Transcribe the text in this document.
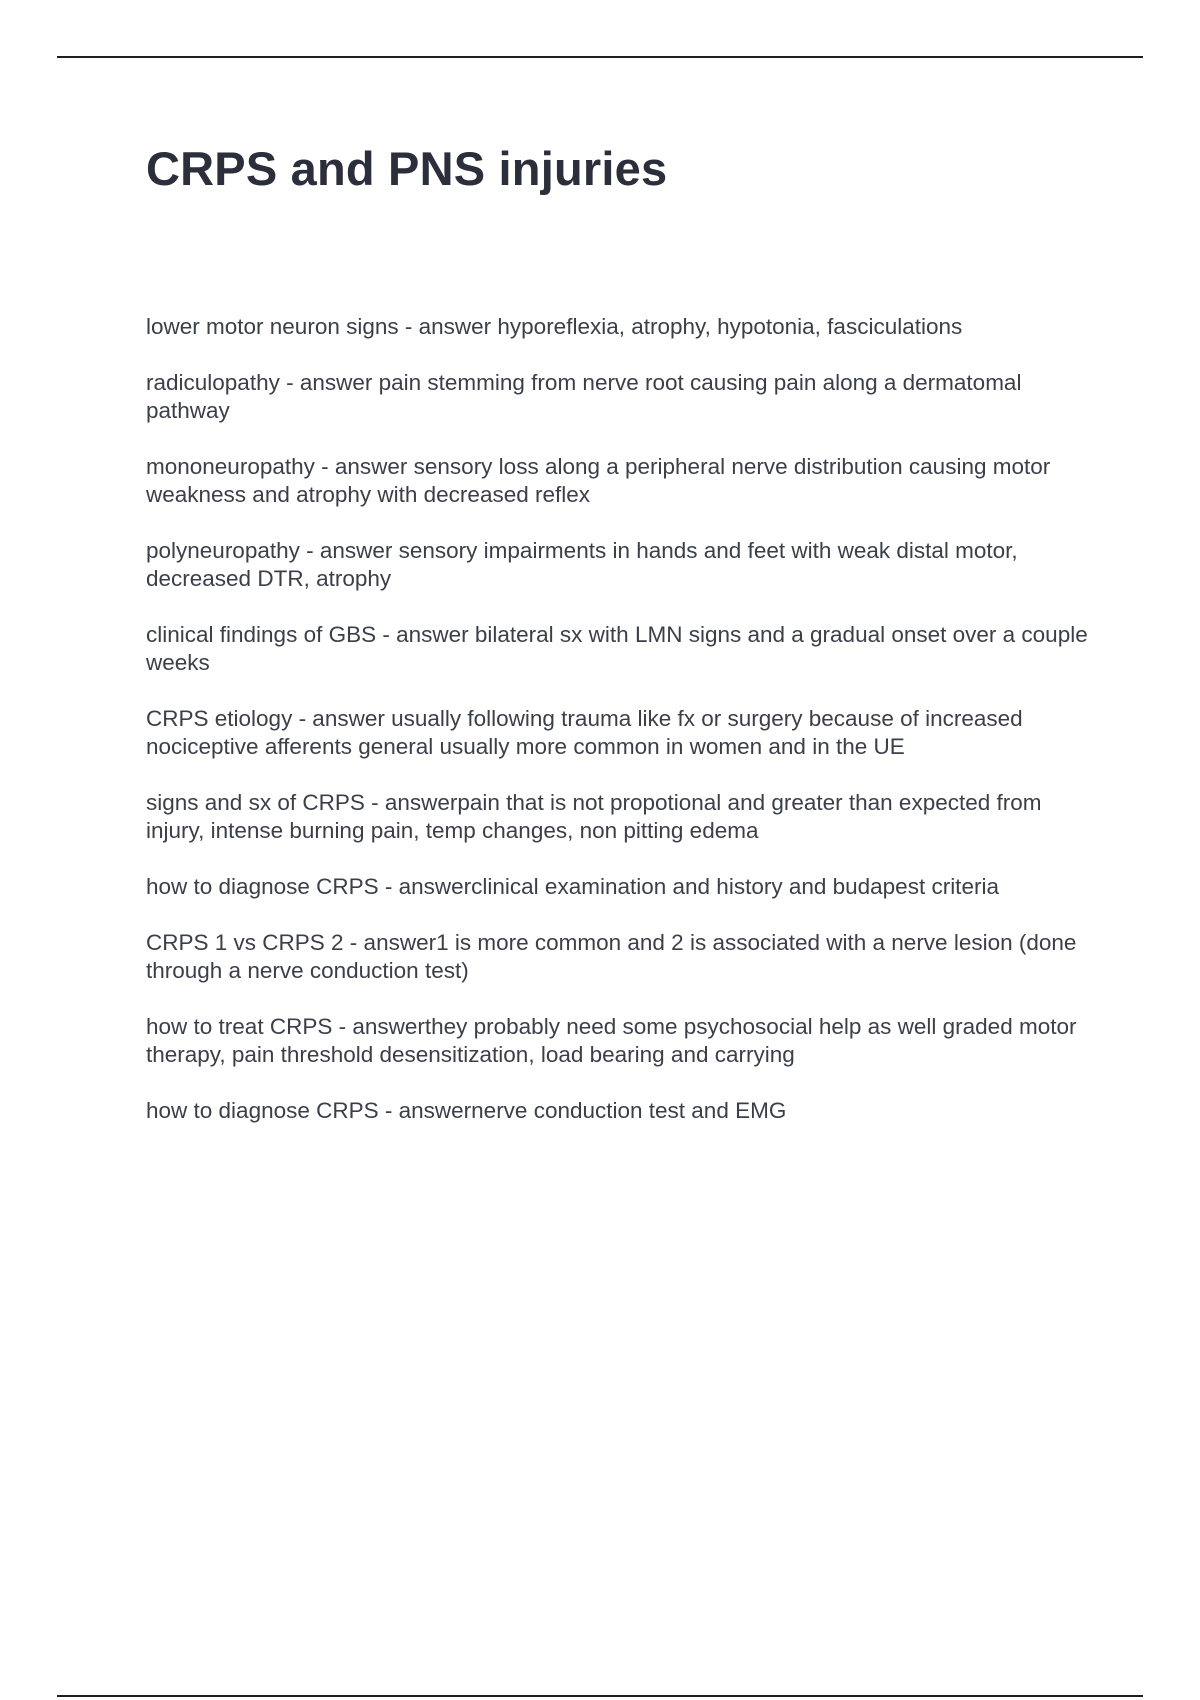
CRPS and PNS injuries
lower motor neuron signs - answer hyporeflexia, atrophy, hypotonia, fasciculations
radiculopathy - answer pain stemming from nerve root causing pain along a dermatomal pathway
mononeuropathy - answer sensory loss along a peripheral nerve distribution causing motor weakness and atrophy with decreased reflex
polyneuropathy - answer sensory impairments in hands and feet with weak distal motor, decreased DTR, atrophy
clinical findings of GBS - answer bilateral sx with LMN signs and a gradual onset over a couple weeks
CRPS etiology - answer usually following trauma like fx or surgery because of increased nociceptive afferents general usually more common in women and in the UE
signs and sx of CRPS - answerpain that is not propotional and greater than expected from injury, intense burning pain, temp changes, non pitting edema
how to diagnose CRPS - answerclinical examination and history and budapest criteria
CRPS 1 vs CRPS 2 - answer1 is more common and 2 is associated with a nerve lesion (done through a nerve conduction test)
how to treat CRPS - answerthey probably need some psychosocial help as well graded motor therapy, pain threshold desensitization, load bearing and carrying
how to diagnose CRPS - answernerve conduction test and EMG
